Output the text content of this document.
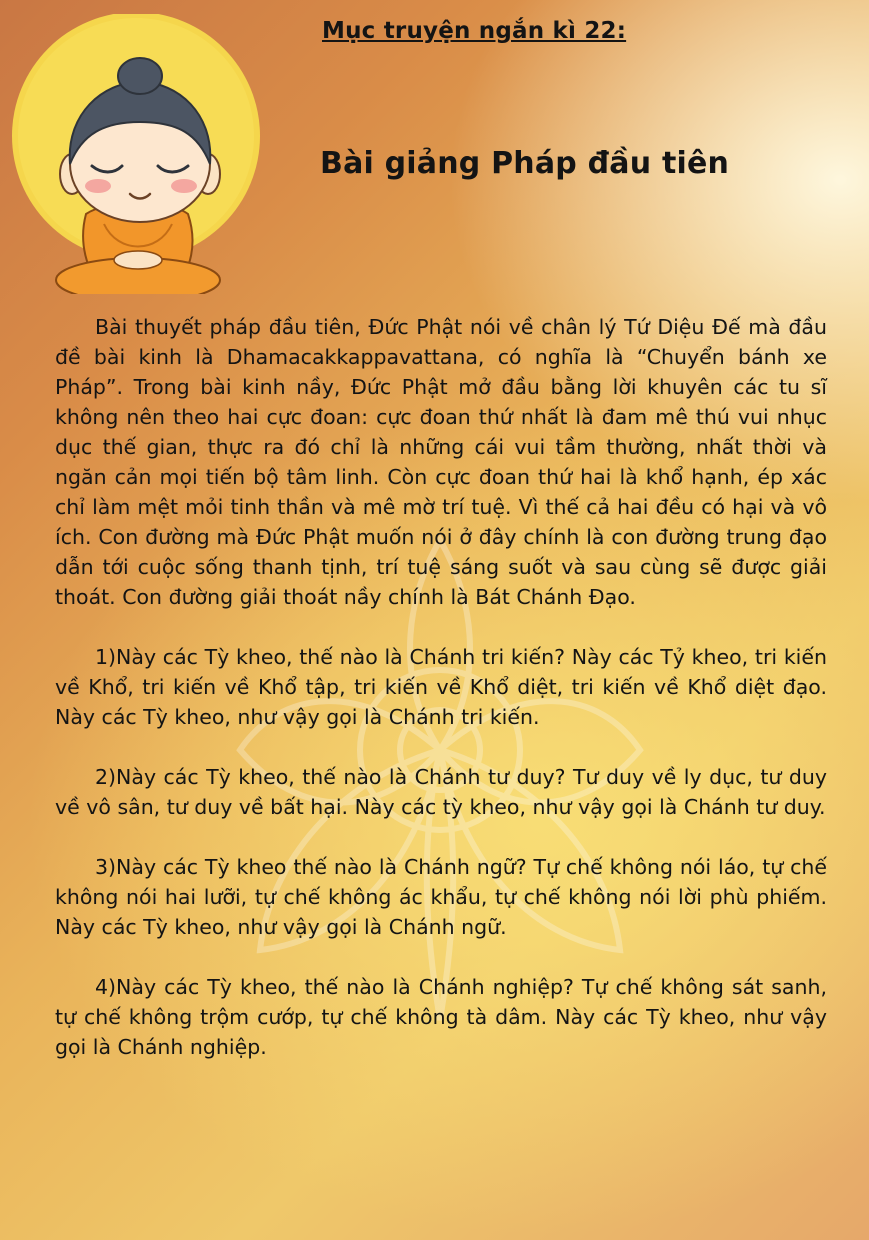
Mục truyện ngắn kì 22:
Bài giảng Pháp đầu tiên

Bài thuyết pháp đầu tiên, Đức Phật nói về chân lý Tứ Diệu Đế mà đầu đề bài kinh là Dhamacakkappavattana, có nghĩa là “Chuyển bánh xe Pháp”. Trong bài kinh nầy, Đức Phật mở đầu bằng lời khuyên các tu sĩ không nên theo hai cực đoan: cực đoan thứ nhất là đam mê thú vui nhục dục thế gian, thực ra đó chỉ là những cái vui tầm thường, nhất thời và ngăn cản mọi tiến bộ tâm linh. Còn cực đoan thứ hai là khổ hạnh, ép xác chỉ làm mệt mỏi tinh thần và mê mờ trí tuệ. Vì thế cả hai đều có hại và vô ích. Con đường mà Đức Phật muốn nói ở đây chính là con đường trung đạo dẫn tới cuộc sống thanh tịnh, trí tuệ sáng suốt và sau cùng sẽ được giải thoát. Con đường giải thoát nầy chính là Bát Chánh Đạo.

1)Này các Tỳ kheo, thế nào là Chánh tri kiến? Này các Tỷ kheo, tri kiến về Khổ, tri kiến về Khổ tập, tri kiến về Khổ diệt, tri kiến về Khổ diệt đạo. Này các Tỳ kheo, như vậy gọi là Chánh tri kiến.

2)Này các Tỳ kheo, thế nào là Chánh tư duy? Tư duy về ly dục, tư duy về vô sân, tư duy về bất hại. Này các tỳ kheo, như vậy gọi là Chánh tư duy.

3)Này các Tỳ kheo thế nào là Chánh ngữ? Tự chế không nói láo, tự chế không nói hai lưỡi, tự chế không ác khẩu, tự chế không nói lời phù phiếm. Này các Tỳ kheo, như vậy gọi là Chánh ngữ.

4)Này các Tỳ kheo, thế nào là Chánh nghiệp? Tự chế không sát sanh, tự chế không trộm cướp, tự chế không tà dâm. Này các Tỳ kheo, như vậy gọi là Chánh nghiệp.
